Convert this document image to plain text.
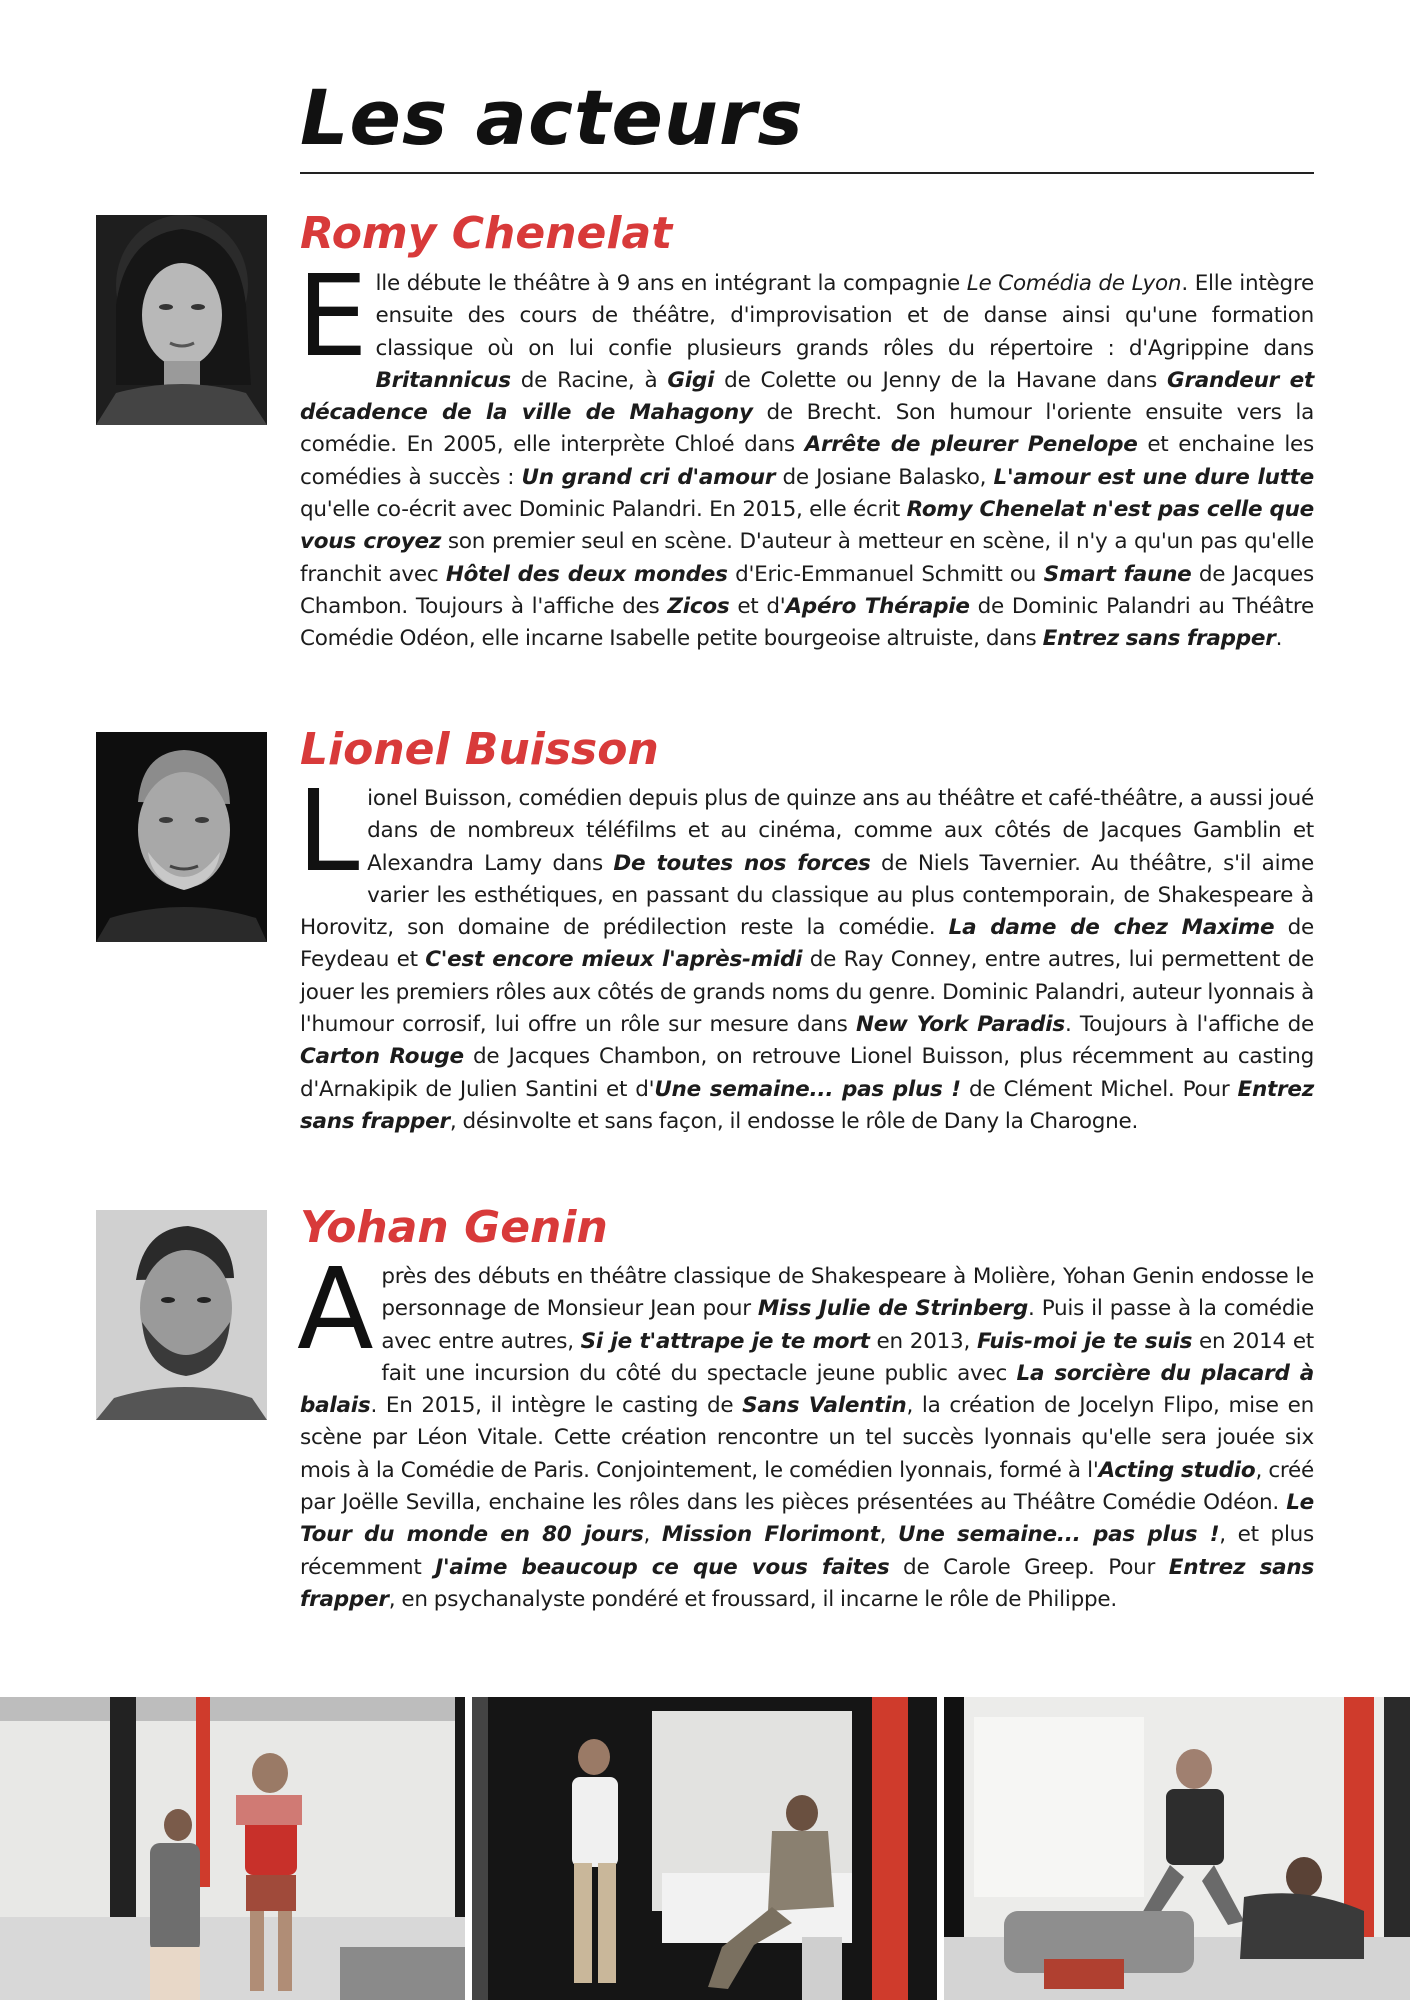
Les acteurs
Romy Chenelat

Elle débute le théâtre à 9 ans en intégrant la compagnie Le Comédia de Lyon. Elle intègre ensuite des cours de théâtre, d'improvisation et de danse ainsi qu'une formation classique où on lui confie plusieurs grands rôles du répertoire : d'Agrippine dans Britannicus de Racine, à Gigi de Colette ou Jenny de la Havane dans Grandeur et décadence de la ville de Mahagony de Brecht. Son humour l'oriente ensuite vers la comédie. En 2005, elle interprète Chloé dans Arrête de pleurer Penelope et enchaine les comédies à succès : Un grand cri d'amour de Josiane Balasko, L'amour est une dure lutte qu'elle co-écrit avec Dominic Palandri. En 2015, elle écrit Romy Chenelat n'est pas celle que vous croyez son premier seul en scène. D'auteur à metteur en scène, il n'y a qu'un pas qu'elle franchit avec Hôtel des deux mondes d'Eric-Emmanuel Schmitt ou Smart faune de Jacques Chambon. Toujours à l'affiche des Zicos et d'Apéro Thérapie de Dominic Palandri au Théâtre Comédie Odéon, elle incarne Isabelle petite bourgeoise altruiste, dans Entrez sans frapper.

Lionel Buisson

Lionel Buisson, comédien depuis plus de quinze ans au théâtre et café-théâtre, a aussi joué dans de nombreux téléfilms et au cinéma, comme aux côtés de Jacques Gamblin et Alexandra Lamy dans De toutes nos forces de Niels Tavernier. Au théâtre, s'il aime varier les esthétiques, en passant du classique au plus contemporain, de Shakespeare à Horovitz, son domaine de prédilection reste la comédie. La dame de chez Maxime de Feydeau et C'est encore mieux l'après-midi de Ray Conney, entre autres, lui permettent de jouer les premiers rôles aux côtés de grands noms du genre. Dominic Palandri, auteur lyonnais à l'humour corrosif, lui offre un rôle sur mesure dans New York Paradis. Toujours à l'affiche de Carton Rouge de Jacques Chambon, on retrouve Lionel Buisson, plus récemment au casting d'Arnakipik de Julien Santini et d'Une semaine... pas plus ! de Clément Michel. Pour Entrez sans frapper, désinvolte et sans façon, il endosse le rôle de Dany la Charogne.

Yohan Genin

Après des débuts en théâtre classique de Shakespeare à Molière, Yohan Genin endosse le personnage de Monsieur Jean pour Miss Julie de Strinberg. Puis il passe à la comédie avec entre autres, Si je t'attrape je te mort en 2013, Fuis-moi je te suis en 2014 et fait une incursion du côté du spectacle jeune public avec La sorcière du placard à balais. En 2015, il intègre le casting de Sans Valentin, la création de Jocelyn Flipo, mise en scène par Léon Vitale. Cette création rencontre un tel succès lyonnais qu'elle sera jouée six mois à la Comédie de Paris. Conjointement, le comédien lyonnais, formé à l'Acting studio, créé par Joëlle Sevilla, enchaine les rôles dans les pièces présentées au Théâtre Comédie Odéon. Le Tour du monde en 80 jours, Mission Florimont, Une semaine... pas plus !, et plus récemment J'aime beaucoup ce que vous faites de Carole Greep. Pour Entrez sans frapper, en psychanalyste pondéré et froussard, il incarne le rôle de Philippe.
